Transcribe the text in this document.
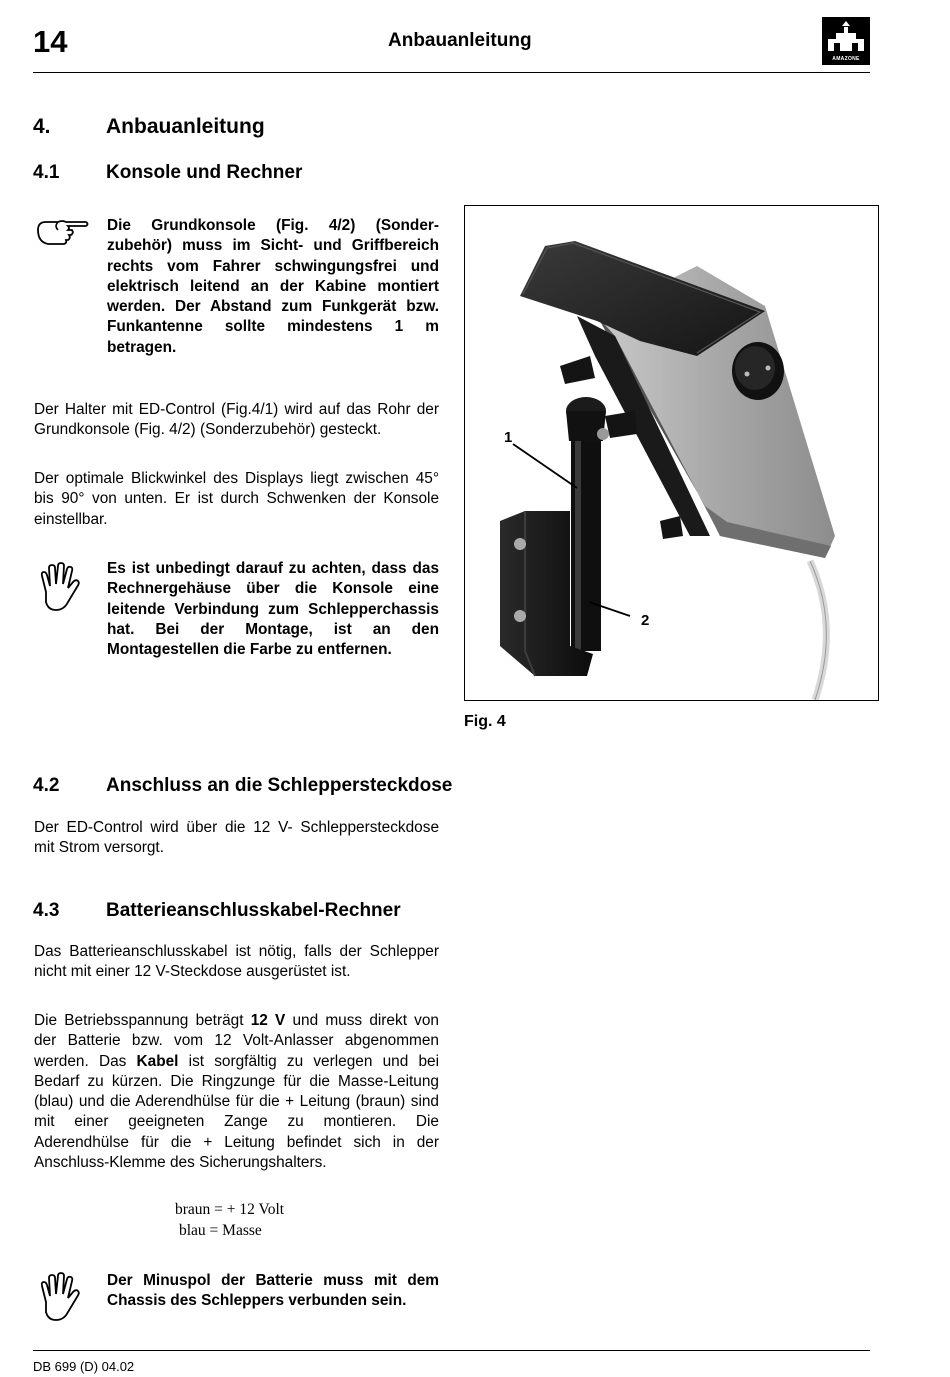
14	Anbauanleitung
AMAZONE
4.	Anbauanleitung
4.1 Konsole und Rechner
Die Grundkonsole (Fig. 4/2) (Sonder-zubehör) muss im Sicht- und Griffbereich rechts vom Fahrer schwingungsfrei und elektrisch leitend an der Kabine montiert werden. Der Abstand zum Funkgerät bzw. Funkantenne sollte mindestens 1 m betragen.
Der Halter mit ED-Control (Fig.4/1) wird auf das Rohr der Grundkonsole (Fig. 4/2) (Sonderzubehör) gesteckt.
Der optimale Blickwinkel des Displays liegt zwischen 45° bis 90° von unten. Er ist durch Schwenken der Konsole einstellbar.
Es ist unbedingt darauf zu achten, dass das Rechnergehäuse über die Konsole eine leitende Verbindung zum Schlepperchassis hat. Bei der Montage, ist an den Montagestellen die Farbe zu entfernen.
1
2
Fig. 4
4.2 Anschluss an die Schleppersteckdose
Der ED-Control wird über die 12 V- Schleppersteckdose mit Strom versorgt.
4.3 Batterieanschlusskabel-Rechner
Das Batterieanschlusskabel ist nötig, falls der Schlepper nicht mit einer 12 V-Steckdose ausgerüstet ist.
Die Betriebsspannung beträgt 12 V und muss direkt von der Batterie bzw. vom 12 Volt-Anlasser abgenommen werden. Das Kabel ist sorgfältig zu verlegen und bei Bedarf zu kürzen. Die Ringzunge für die Masse-Leitung (blau) und die Aderendhülse für die + Leitung (braun) sind mit einer geeigneten Zange zu montieren. Die Aderendhülse für die + Leitung befindet sich in der Anschluss-Klemme des Sicherungshalters.
braun = + 12 Volt
blau = Masse
Der Minuspol der Batterie muss mit dem Chassis des Schleppers verbunden sein.
DB 699 (D) 04.02
